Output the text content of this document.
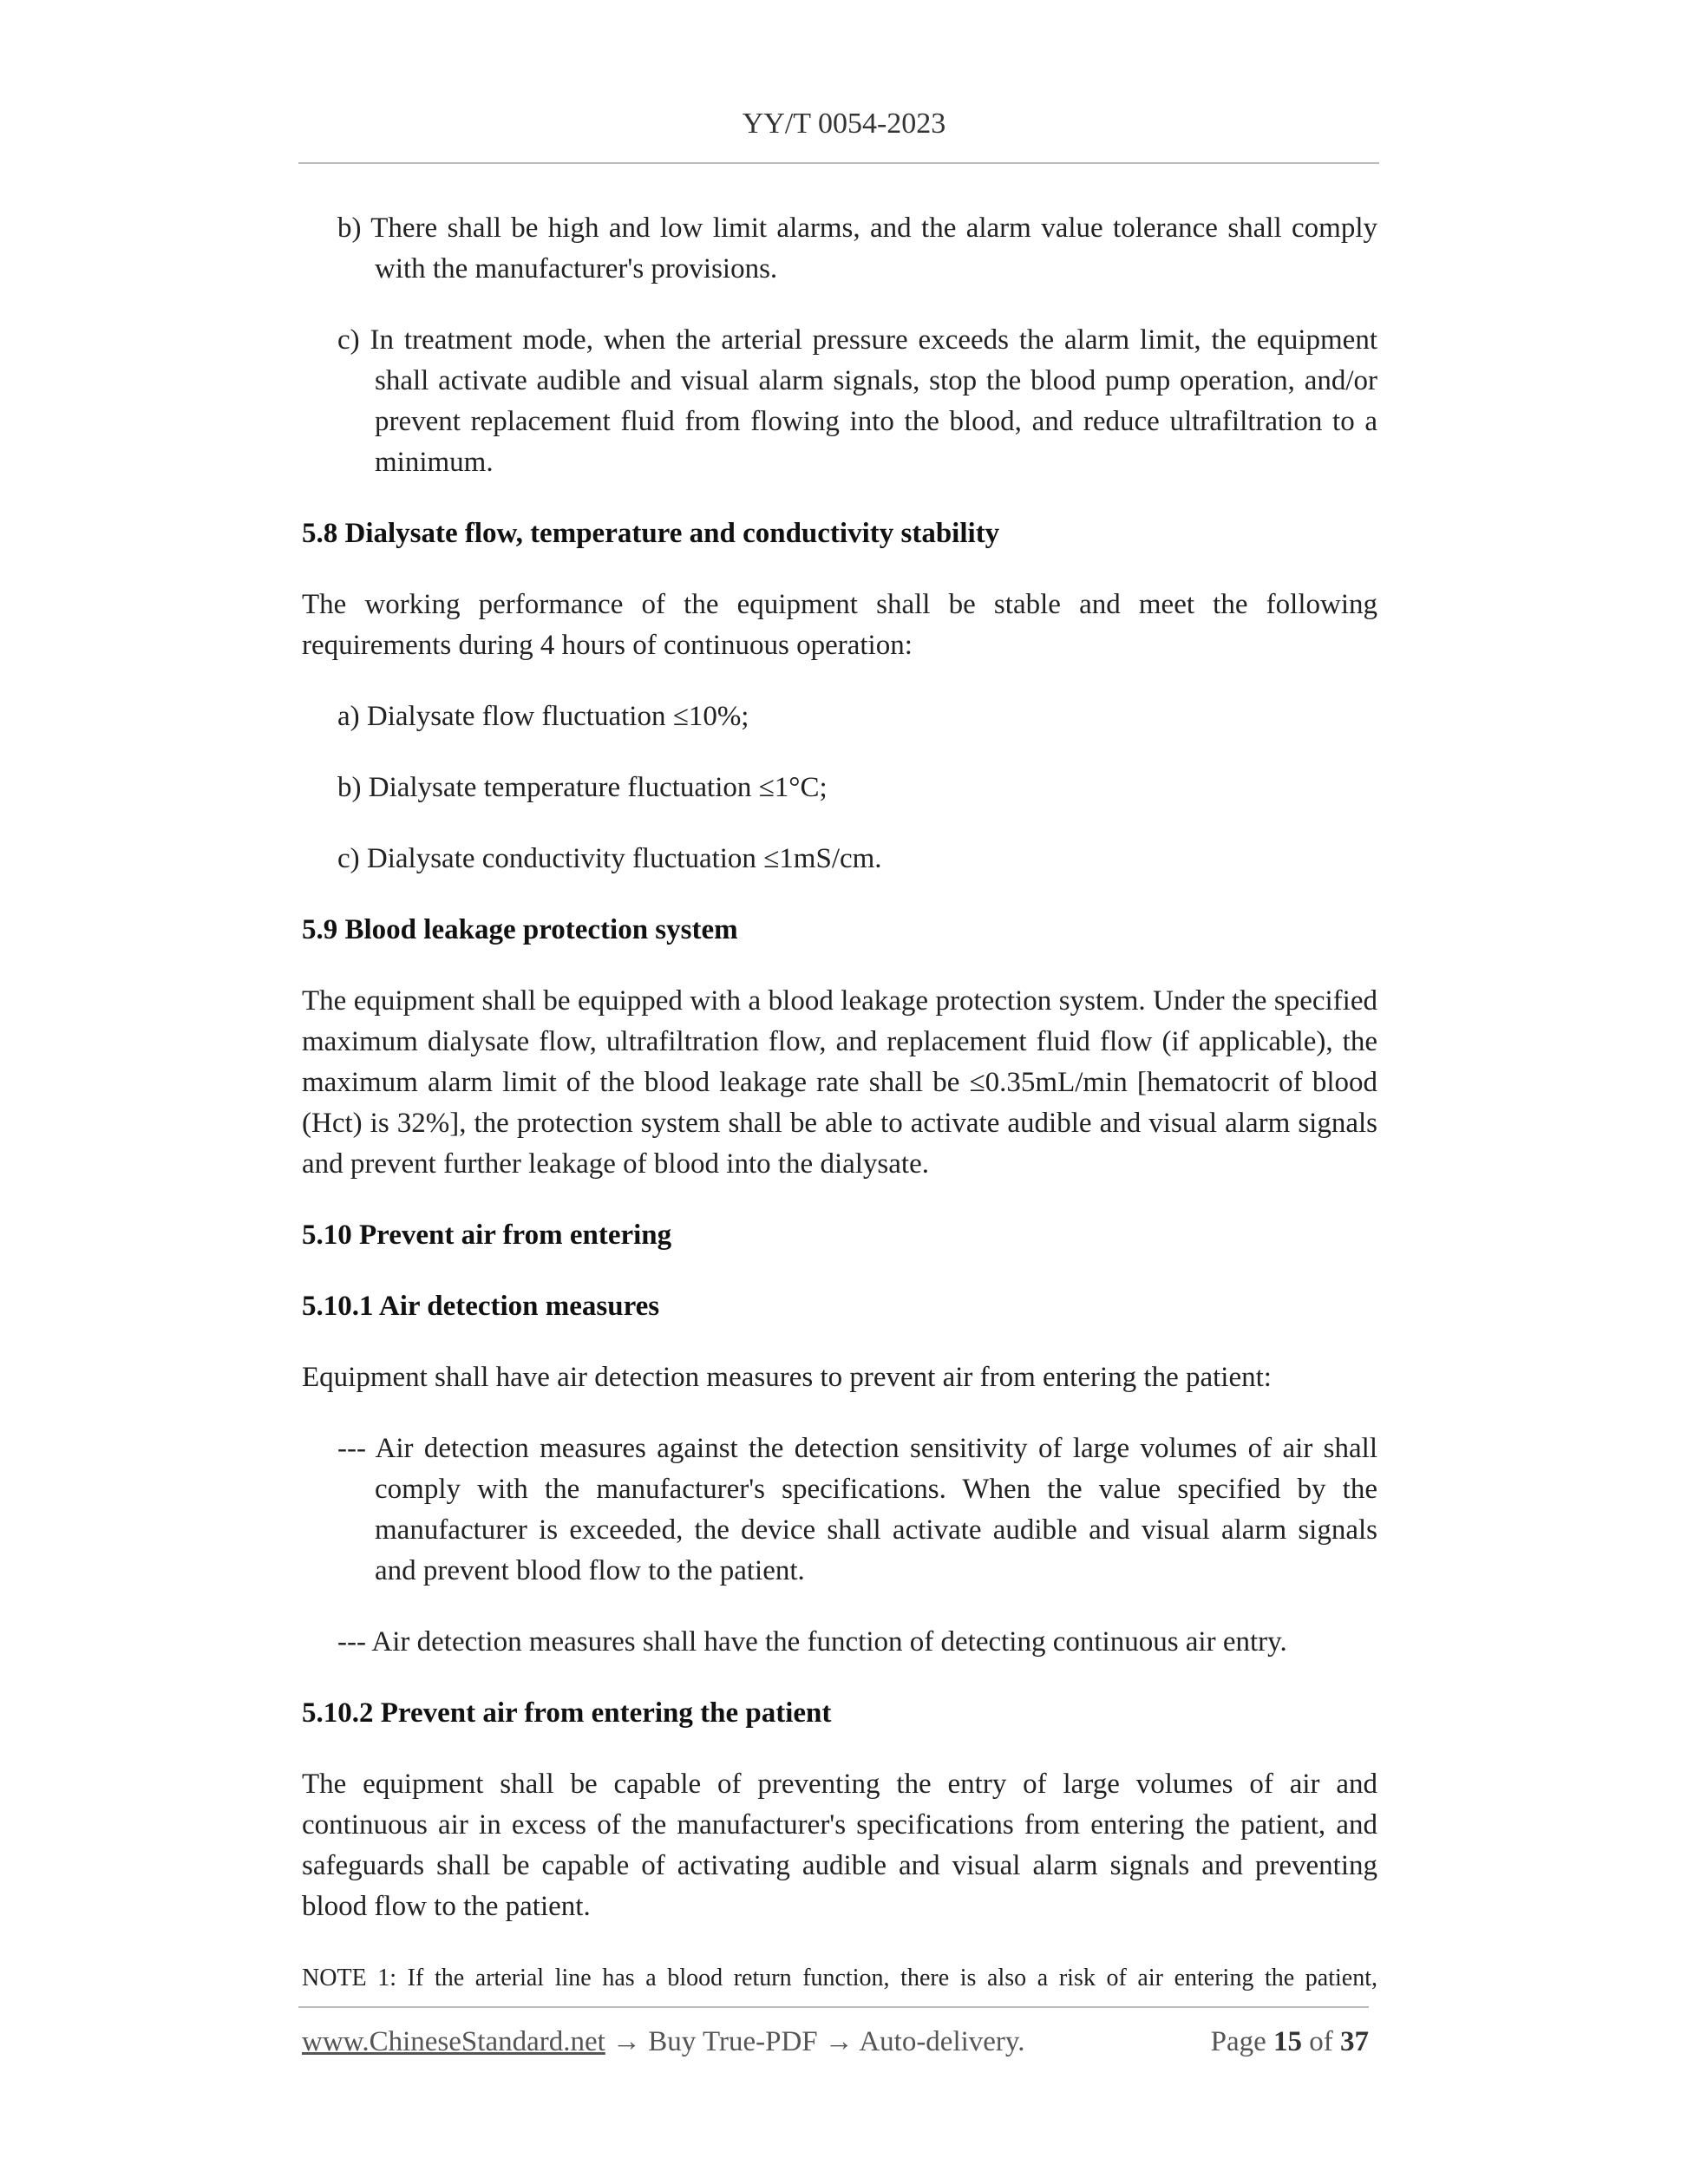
YY/T 0054-2023
b) There shall be high and low limit alarms, and the alarm value tolerance shall comply with the manufacturer's provisions.
c) In treatment mode, when the arterial pressure exceeds the alarm limit, the equipment shall activate audible and visual alarm signals, stop the blood pump operation, and/or prevent replacement fluid from flowing into the blood, and reduce ultrafiltration to a minimum.
5.8 Dialysate flow, temperature and conductivity stability
The working performance of the equipment shall be stable and meet the following requirements during 4 hours of continuous operation:
a) Dialysate flow fluctuation ≤10%;
b) Dialysate temperature fluctuation ≤1°C;
c) Dialysate conductivity fluctuation ≤1mS/cm.
5.9 Blood leakage protection system
The equipment shall be equipped with a blood leakage protection system. Under the specified maximum dialysate flow, ultrafiltration flow, and replacement fluid flow (if applicable), the maximum alarm limit of the blood leakage rate shall be ≤0.35mL/min [hematocrit of blood (Hct) is 32%], the protection system shall be able to activate audible and visual alarm signals and prevent further leakage of blood into the dialysate.
5.10 Prevent air from entering
5.10.1 Air detection measures
Equipment shall have air detection measures to prevent air from entering the patient:
--- Air detection measures against the detection sensitivity of large volumes of air shall comply with the manufacturer's specifications. When the value specified by the manufacturer is exceeded, the device shall activate audible and visual alarm signals and prevent blood flow to the patient.
--- Air detection measures shall have the function of detecting continuous air entry.
5.10.2 Prevent air from entering the patient
The equipment shall be capable of preventing the entry of large volumes of air and continuous air in excess of the manufacturer's specifications from entering the patient, and safeguards shall be capable of activating audible and visual alarm signals and preventing blood flow to the patient.
NOTE 1: If the arterial line has a blood return function, there is also a risk of air entering the patient,
www.ChineseStandard.net → Buy True-PDF → Auto-delivery.	Page 15 of 37
